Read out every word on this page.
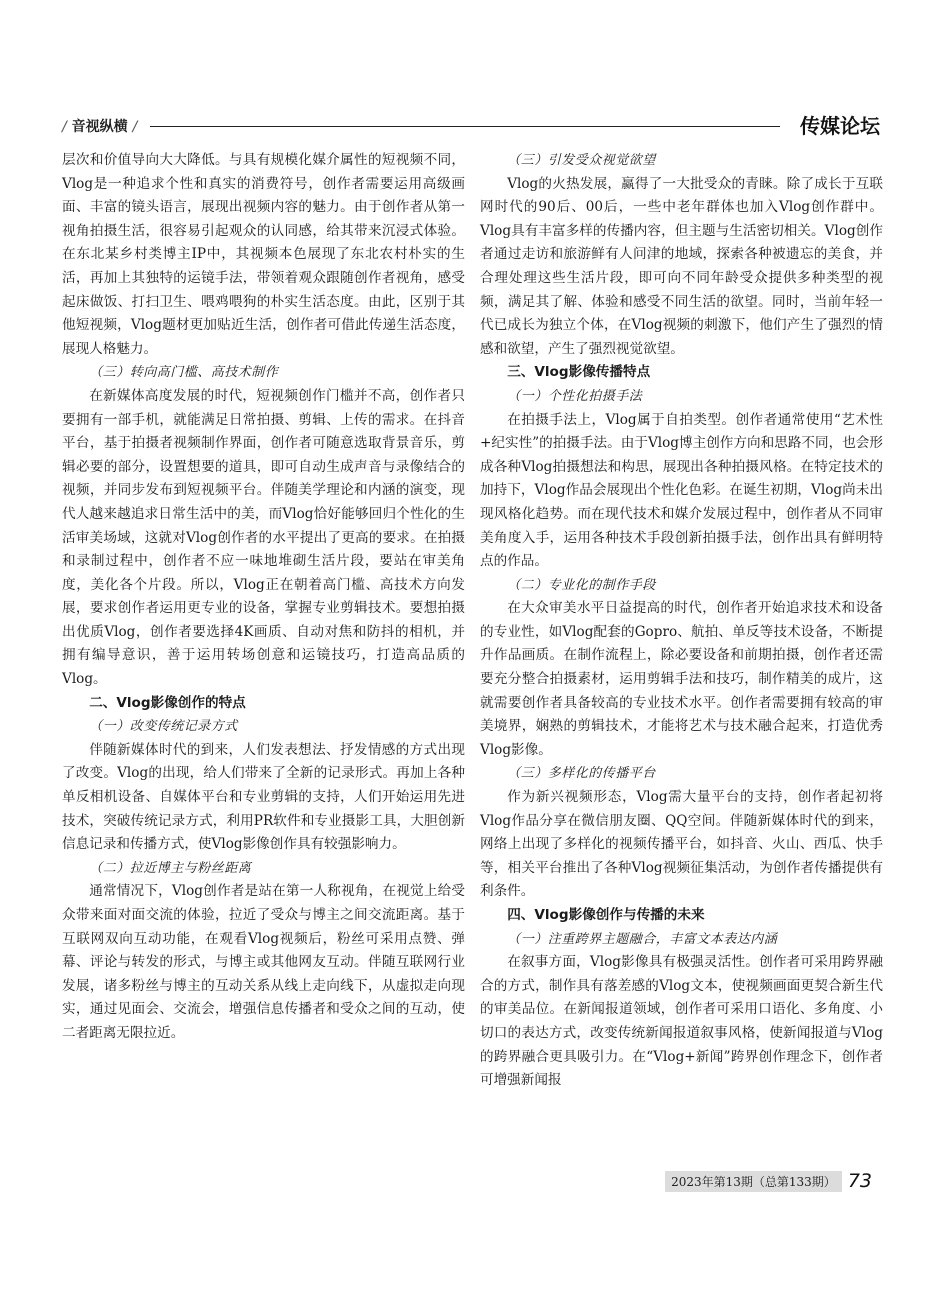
/ 音视纵横 /	传媒论坛

层次和价值导向大大降低。与具有规模化媒介属性的短视频不同，Vlog是一种追求个性和真实的消费符号，创作者需要运用高级画面、丰富的镜头语言，展现出视频内容的魅力。由于创作者从第一视角拍摄生活，很容易引起观众的认同感，给其带来沉浸式体验。在东北某乡村类博主IP中，其视频本色展现了东北农村朴实的生活，再加上其独特的运镜手法，带领着观众跟随创作者视角，感受起床做饭、打扫卫生、喂鸡喂狗的朴实生活态度。由此，区别于其他短视频，Vlog题材更加贴近生活，创作者可借此传递生活态度，展现人格魅力。

（三）转向高门槛、高技术制作

在新媒体高度发展的时代，短视频创作门槛并不高，创作者只要拥有一部手机，就能满足日常拍摄、剪辑、上传的需求。在抖音平台，基于拍摄者视频制作界面，创作者可随意选取背景音乐，剪辑必要的部分，设置想要的道具，即可自动生成声音与录像结合的视频，并同步发布到短视频平台。伴随美学理论和内涵的演变，现代人越来越追求日常生活中的美，而Vlog恰好能够回归个性化的生活审美场域，这就对Vlog创作者的水平提出了更高的要求。在拍摄和录制过程中，创作者不应一味地堆砌生活片段，要站在审美角度，美化各个片段。所以，Vlog正在朝着高门槛、高技术方向发展，要求创作者运用更专业的设备，掌握专业剪辑技术。要想拍摄出优质Vlog，创作者要选择4K画质、自动对焦和防抖的相机，并拥有编导意识，善于运用转场创意和运镜技巧，打造高品质的Vlog。

二、Vlog影像创作的特点
（一）改变传统记录方式

伴随新媒体时代的到来，人们发表想法、抒发情感的方式出现了改变。Vlog的出现，给人们带来了全新的记录形式。再加上各种单反相机设备、自媒体平台和专业剪辑的支持，人们开始运用先进技术，突破传统记录方式，利用PR软件和专业摄影工具，大胆创新信息记录和传播方式，使Vlog影像创作具有较强影响力。

（二）拉近博主与粉丝距离

通常情况下，Vlog创作者是站在第一人称视角，在视觉上给受众带来面对面交流的体验，拉近了受众与博主之间交流距离。基于互联网双向互动功能，在观看Vlog视频后，粉丝可采用点赞、弹幕、评论与转发的形式，与博主或其他网友互动。伴随互联网行业发展，诸多粉丝与博主的互动关系从线上走向线下，从虚拟走向现实，通过见面会、交流会，增强信息传播者和受众之间的互动，使二者距离无限拉近。

（三）引发受众视觉欲望

Vlog的火热发展，赢得了一大批受众的青睐。除了成长于互联网时代的90后、00后，一些中老年群体也加入Vlog创作群中。Vlog具有丰富多样的传播内容，但主题与生活密切相关。Vlog创作者通过走访和旅游鲜有人问津的地域，探索各种被遗忘的美食，并合理处理这些生活片段，即可向不同年龄受众提供多种类型的视频，满足其了解、体验和感受不同生活的欲望。同时，当前年轻一代已成长为独立个体，在Vlog视频的刺激下，他们产生了强烈的情感和欲望，产生了强烈视觉欲望。

三、Vlog影像传播特点
（一）个性化拍摄手法

在拍摄手法上，Vlog属于自拍类型。创作者通常使用“艺术性+纪实性”的拍摄手法。由于Vlog博主创作方向和思路不同，也会形成各种Vlog拍摄想法和构思，展现出各种拍摄风格。在特定技术的加持下，Vlog作品会展现出个性化色彩。在诞生初期，Vlog尚未出现风格化趋势。而在现代技术和媒介发展过程中，创作者从不同审美角度入手，运用各种技术手段创新拍摄手法，创作出具有鲜明特点的作品。

（二）专业化的制作手段

在大众审美水平日益提高的时代，创作者开始追求技术和设备的专业性，如Vlog配套的Gopro、航拍、单反等技术设备，不断提升作品画质。在制作流程上，除必要设备和前期拍摄，创作者还需要充分整合拍摄素材，运用剪辑手法和技巧，制作精美的成片，这就需要创作者具备较高的专业技术水平。创作者需要拥有较高的审美境界，娴熟的剪辑技术，才能将艺术与技术融合起来，打造优秀Vlog影像。

（三）多样化的传播平台

作为新兴视频形态，Vlog需大量平台的支持，创作者起初将Vlog作品分享在微信朋友圈、QQ空间。伴随新媒体时代的到来，网络上出现了多样化的视频传播平台，如抖音、火山、西瓜、快手等，相关平台推出了各种Vlog视频征集活动，为创作者传播提供有利条件。

四、Vlog影像创作与传播的未来
（一）注重跨界主题融合，丰富文本表达内涵

在叙事方面，Vlog影像具有极强灵活性。创作者可采用跨界融合的方式，制作具有落差感的Vlog文本，使视频画面更契合新生代的审美品位。在新闻报道领域，创作者可采用口语化、多角度、小切口的表达方式，改变传统新闻报道叙事风格，使新闻报道与Vlog的跨界融合更具吸引力。在“Vlog+新闻”跨界创作理念下，创作者可增强新闻报

2023年第13期（总第133期） 73
